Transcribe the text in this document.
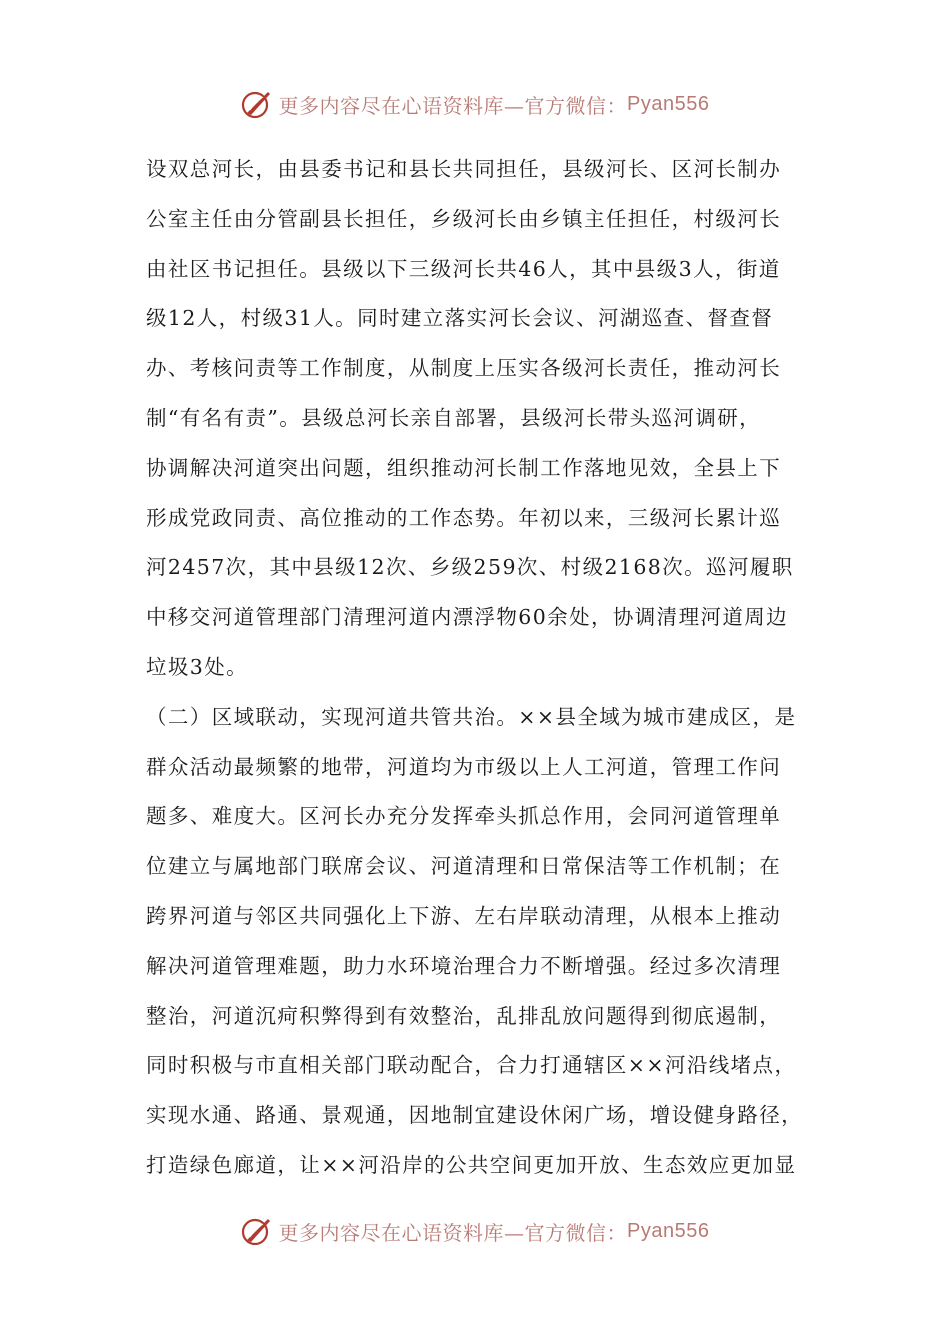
更多内容尽在心语资料库—官方微信： Pyan556
设双总河长，由县委书记和县长共同担任，县级河长、区河长制办
公室主任由分管副县长担任，乡级河长由乡镇主任担任，村级河长
由社区书记担任。县级以下三级河长共46人，其中县级3人，街道
级12人，村级31人。同时建立落实河长会议、河湖巡查、督查督
办、考核问责等工作制度，从制度上压实各级河长责任，推动河长
制“有名有责”。县级总河长亲自部署，县级河长带头巡河调研，
协调解决河道突出问题，组织推动河长制工作落地见效，全县上下
形成党政同责、高位推动的工作态势。年初以来，三级河长累计巡
河2457次，其中县级12次、乡级259次、村级2168次。巡河履职
中移交河道管理部门清理河道内漂浮物60余处，协调清理河道周边
垃圾3处。
（二）区域联动，实现河道共管共治。××县全域为城市建成区，是
群众活动最频繁的地带，河道均为市级以上人工河道，管理工作问
题多、难度大。区河长办充分发挥牵头抓总作用，会同河道管理单
位建立与属地部门联席会议、河道清理和日常保洁等工作机制；在
跨界河道与邻区共同强化上下游、左右岸联动清理，从根本上推动
解决河道管理难题，助力水环境治理合力不断增强。经过多次清理
整治，河道沉疴积弊得到有效整治，乱排乱放问题得到彻底遏制，
同时积极与市直相关部门联动配合，合力打通辖区××河沿线堵点，
实现水通、路通、景观通，因地制宜建设休闲广场，增设健身路径，
打造绿色廊道，让××河沿岸的公共空间更加开放、生态效应更加显
更多内容尽在心语资料库—官方微信： Pyan556
